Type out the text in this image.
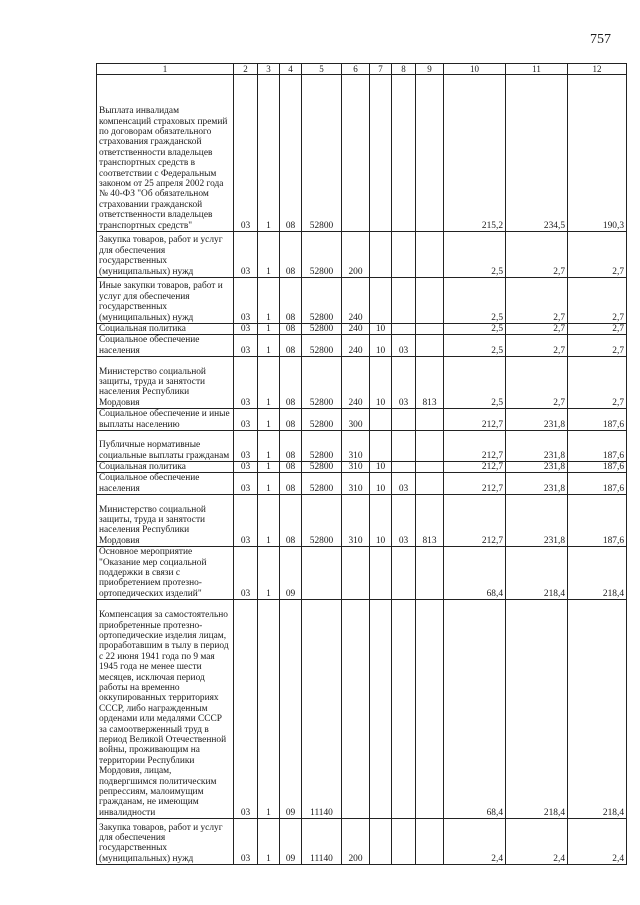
757
1	2	3	4	5	6	7	8	9	10	11	12
Выплата инвалидам компенсаций страховых премий по договорам обязательного страхования гражданской ответственности владельцев транспортных средств в соответствии с Федеральным законом от 25 апреля 2002 года № 40-ФЗ "Об обязательном страховании гражданской ответственности владельцев транспортных средств"	03	1	08	52800					215,2	234,5	190,3
Закупка товаров, работ и услуг для обеспечения государственных (муниципальных) нужд	03	1	08	52800	200				2,5	2,7	2,7
Иные закупки товаров, работ и услуг для обеспечения государственных (муниципальных) нужд	03	1	08	52800	240				2,5	2,7	2,7
Социальная политика	03	1	08	52800	240	10			2,5	2,7	2,7
Социальное обеспечение населения	03	1	08	52800	240	10	03		2,5	2,7	2,7
Министерство социальной защиты, труда и занятости населения Республики Мордовия	03	1	08	52800	240	10	03	813	2,5	2,7	2,7
Социальное обеспечение и иные выплаты населению	03	1	08	52800	300				212,7	231,8	187,6
Публичные нормативные социальные выплаты гражданам	03	1	08	52800	310				212,7	231,8	187,6
Социальная политика	03	1	08	52800	310	10			212,7	231,8	187,6
Социальное обеспечение населения	03	1	08	52800	310	10	03		212,7	231,8	187,6
Министерство социальной защиты, труда и занятости населения Республики Мордовия	03	1	08	52800	310	10	03	813	212,7	231,8	187,6
Основное мероприятие "Оказание мер социальной поддержки в связи с приобретением протезно-ортопедических изделий"	03	1	09						68,4	218,4	218,4
Компенсация за самостоятельно приобретенные протезно-ортопедические изделия лицам, проработавшим в тылу в период с 22 июня 1941 года по 9 мая 1945 года не менее шести месяцев, исключая период работы на временно оккупированных территориях СССР, либо награжденным орденами или медалями СССР за самоотверженный труд в период Великой Отечественной войны, проживающим на территории Республики Мордовия, лицам, подвергшимся политическим репрессиям, малоимущим гражданам, не имеющим инвалидности	03	1	09	11140					68,4	218,4	218,4
Закупка товаров, работ и услуг для обеспечения государственных (муниципальных) нужд	03	1	09	11140	200				2,4	2,4	2,4
